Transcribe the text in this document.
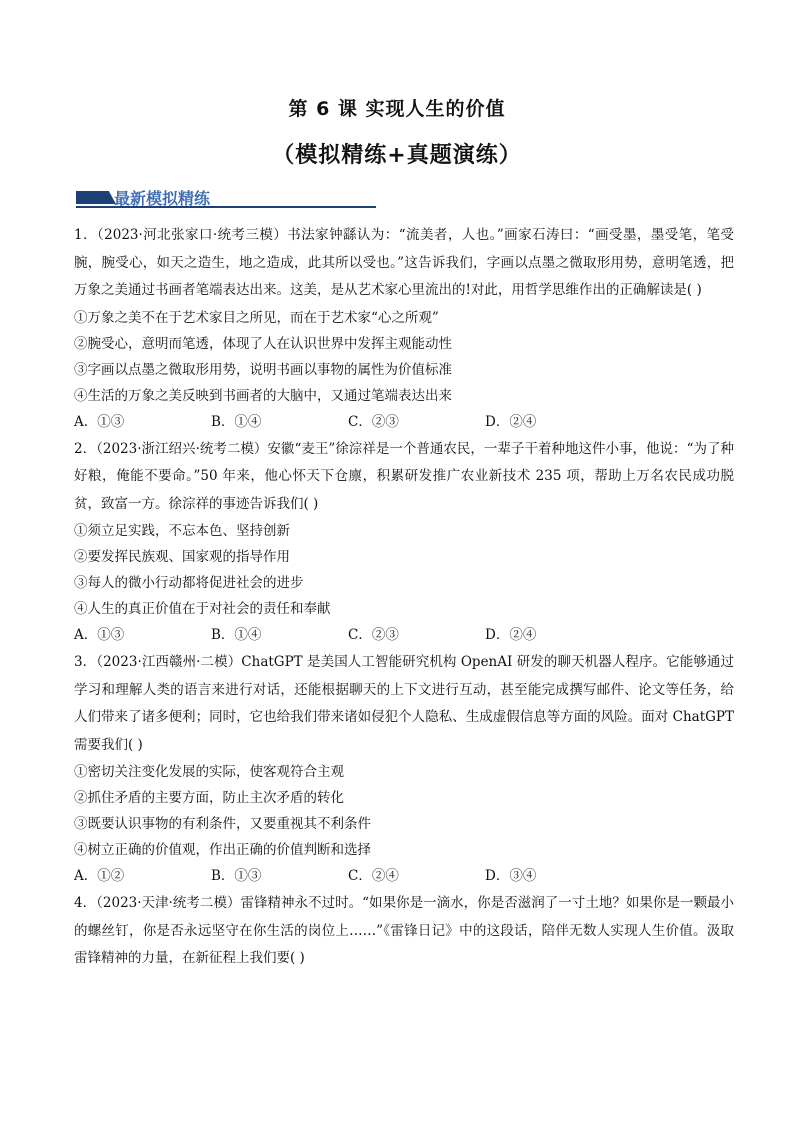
第 6 课 实现人生的价值
（模拟精练+真题演练）
最新模拟精练

1．（2023·河北张家口·统考三模）书法家钟繇认为：“流美者，人也。”画家石涛曰：“画受墨，墨受笔，笔受腕，腕受心，如天之造生，地之造成，此其所以受也。”这告诉我们，字画以点墨之微取形用势，意明笔透，把万象之美通过书画者笔端表达出来。这美，是从艺术家心里流出的!对此，用哲学思维作出的正确解读是( )

①万象之美不在于艺术家目之所见，而在于艺术家“心之所观”

②腕受心，意明而笔透，体现了人在认识世界中发挥主观能动性

③字画以点墨之微取形用势，说明书画以事物的属性为价值标准

④生活的万象之美反映到书画者的大脑中，又通过笔端表达出来

A．①③	B．①④	C．②③	D．②④

2．（2023·浙江绍兴·统考二模）安徽“麦王”徐淙祥是一个普通农民，一辈子干着种地这件小事，他说：“为了种好粮，俺能不要命。”50 年来，他心怀天下仓廪，积累研发推广农业新技术 235 项，帮助上万名农民成功脱贫，致富一方。徐淙祥的事迹告诉我们( )

①须立足实践，不忘本色、坚持创新

②要发挥民族观、国家观的指导作用

③每人的微小行动都将促进社会的进步

④人生的真正价值在于对社会的责任和奉献

A．①③	B．①④	C．②③	D．②④

3．（2023·江西赣州·二模）ChatGPT 是美国人工智能研究机构 OpenAI 研发的聊天机器人程序。它能够通过学习和理解人类的语言来进行对话，还能根据聊天的上下文进行互动，甚至能完成撰写邮件、论文等任务，给人们带来了诸多便利；同时，它也给我们带来诸如侵犯个人隐私、生成虚假信息等方面的风险。面对 ChatGPT 需要我们( )

①密切关注变化发展的实际，使客观符合主观

②抓住矛盾的主要方面，防止主次矛盾的转化

③既要认识事物的有利条件，又要重视其不利条件

④树立正确的价值观，作出正确的价值判断和选择

A．①②	B．①③	C．②④	D．③④

4．（2023·天津·统考二模）雷锋精神永不过时。“如果你是一滴水，你是否滋润了一寸土地？如果你是一颗最小的螺丝钉，你是否永远坚守在你生活的岗位上……”《雷锋日记》中的这段话，陪伴无数人实现人生价值。汲取雷锋精神的力量，在新征程上我们要( )
